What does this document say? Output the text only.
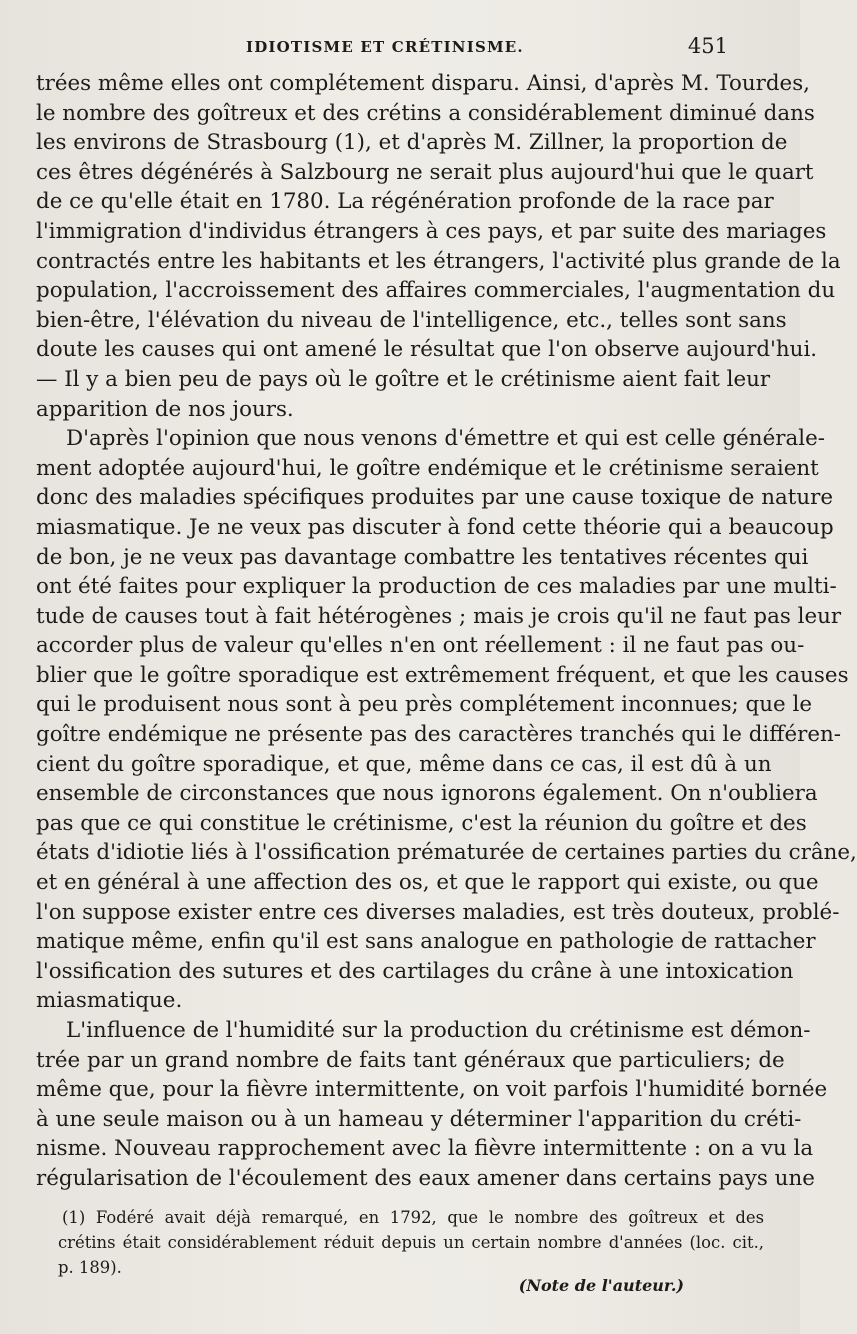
IDIOTISME ET CRÉTINISME.	451
trées même elles ont complétement disparu. Ainsi, d'après M. Tourdes,
le nombre des goîtreux et des crétins a considérablement diminué dans
les environs de Strasbourg (1), et d'après M. Zillner, la proportion de
ces êtres dégénérés à Salzbourg ne serait plus aujourd'hui que le quart
de ce qu'elle était en 1780. La régénération profonde de la race par
l'immigration d'individus étrangers à ces pays, et par suite des mariages
contractés entre les habitants et les étrangers, l'activité plus grande de la
population, l'accroissement des affaires commerciales, l'augmentation du
bien-être, l'élévation du niveau de l'intelligence, etc., telles sont sans
doute les causes qui ont amené le résultat que l'on observe aujourd'hui.
— Il y a bien peu de pays où le goître et le crétinisme aient fait leur
apparition de nos jours.
D'après l'opinion que nous venons d'émettre et qui est celle générale-
ment adoptée aujourd'hui, le goître endémique et le crétinisme seraient
donc des maladies spécifiques produites par une cause toxique de nature
miasmatique. Je ne veux pas discuter à fond cette théorie qui a beaucoup
de bon, je ne veux pas davantage combattre les tentatives récentes qui
ont été faites pour expliquer la production de ces maladies par une multi-
tude de causes tout à fait hétérogènes ; mais je crois qu'il ne faut pas leur
accorder plus de valeur qu'elles n'en ont réellement : il ne faut pas ou-
blier que le goître sporadique est extrêmement fréquent, et que les causes
qui le produisent nous sont à peu près complétement inconnues; que le
goître endémique ne présente pas des caractères tranchés qui le différen-
cient du goître sporadique, et que, même dans ce cas, il est dû à un
ensemble de circonstances que nous ignorons également. On n'oubliera
pas que ce qui constitue le crétinisme, c'est la réunion du goître et des
états d'idiotie liés à l'ossification prématurée de certaines parties du crâne,
et en général à une affection des os, et que le rapport qui existe, ou que
l'on suppose exister entre ces diverses maladies, est très douteux, problé-
matique même, enfin qu'il est sans analogue en pathologie de rattacher
l'ossification des sutures et des cartilages du crâne à une intoxication
miasmatique.
L'influence de l'humidité sur la production du crétinisme est démon-
trée par un grand nombre de faits tant généraux que particuliers; de
même que, pour la fièvre intermittente, on voit parfois l'humidité bornée
à une seule maison ou à un hameau y déterminer l'apparition du créti-
nisme. Nouveau rapprochement avec la fièvre intermittente : on a vu la
régularisation de l'écoulement des eaux amener dans certains pays une
(1) Fodéré avait déjà remarqué, en 1792, que le nombre des goîtreux et des
crétins était considérablement réduit depuis un certain nombre d'années (loc. cit.,
p. 189).
(Note de l'auteur.)
